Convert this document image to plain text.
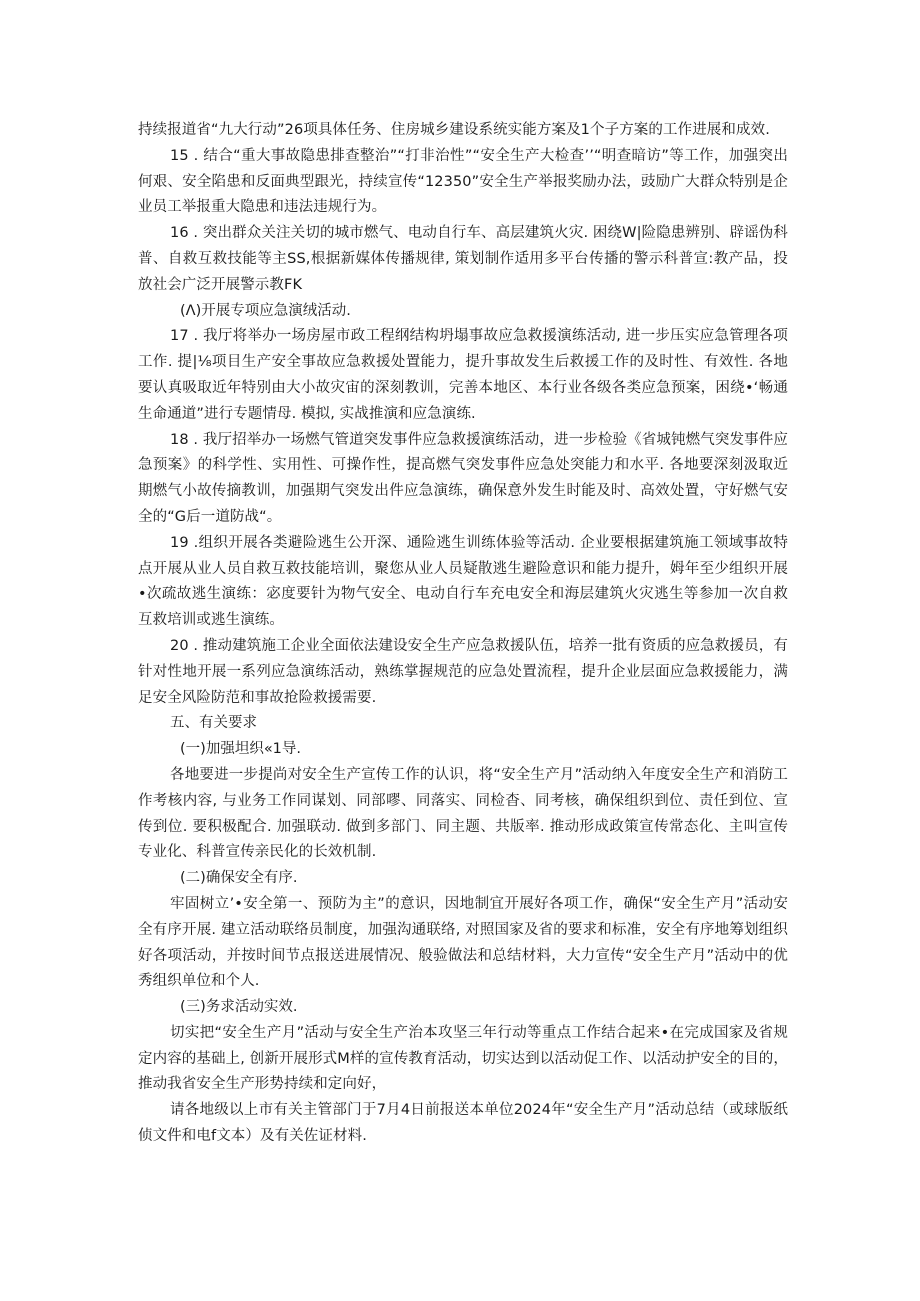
持续报道省“九大行动”26项具体任务、住房城乡建设系统实能方案及1个子方案的工作进展和成效.

15 . 结合“重大事故隐患排查整治”“打非治性”“安全生产大检查’’“明查暗访”等工作，加强突出何艰、安全陷患和反面典型跟光，持续宣传“12350”安全生产举报奖励办法，豉励广大群众特别是企业员工举报重大隐患和违法违规行为。

16 . 突出群众关注关切的城市燃气、电动自行车、高层建筑火灾. 困绕W|险隐患辨别、辟谣伪科普、自救互救技能等主SS,根据新媒体传播规律, 策划制作适用多平台传播的警示科普宣:教产品，投放社会广泛开展警示教FK

(Λ)开展专项应急演绒活动.

17 . 我厅将举办一场房屋市政工程纲结构坍塌事故应急救援演练活动, 进一步压实应急管理各项工作. 提|⅛项目生产安全事故应急救援处置能力，提升事故发生后救援工作的及时性、有效性. 各地要认真吸取近年特别由大小故灾宙的深刻教训，完善本地区、本行业各级各类应急预案，困绕•‘畅通生命通道”进行专题情母. 模拟, 实战推演和应急演练.

18 . 我厅招举办一场燃气管道突发事件应急救援演练活动，进一步检验《省城钝燃气突发事件应急预案》的科学性、实用性、可操作性，提高燃气突发事件应急处突能力和水平. 各地要深刻汲取近期燃气小故传摘教训，加强期气突发出件应急演练，确保意外发生时能及时、高效处置，守好燃气安全的“G后一道防战“。

19 .组织开展各类避险逃生公开深、通险逃生训练体验等活动. 企业要根据建筑施工领域事故特点开展从业人员自救互救技能培训，聚您从业人员疑散逃生避险意识和能力提升，姆年至少组织开展•次疏故逃生演练：宓度要针为物气安全、电动自行车充电安全和海层建筑火灾逃生等参加一次自救互救培训或逃生演练。

20 . 推动建筑施工企业全面依法建设安全生产应急救援队伍，培养一批有资质的应急救援员，有针对性地开展一系列应急演练活动，熟练掌握规范的应急处置流程，提升企业层面应急救援能力，满足安全风险防范和事故抢险救援需要.

五、有关要求

(一)加强坦织«1导.

各地要进一步提尚对安全生产宣传工作的认识，将“安全生产月”活动纳入年度安全生产和消防工作考核内容, 与业务工作同谋划、同部嘐、同落实、同检杳、同考核，确保组织到位、责任到位、宣传到位. 要积极配合. 加强联动. 做到多部门、同主题、共版率. 推动形成政策宣传常态化、主叫宣传专业化、科普宣传亲民化的长效机制.

(二)确保安全有序.

牢固树立’•安全第一、预防为主”的意识，因地制宜开展好各项工作，确保“安全生产月”活动安全有序开展. 建立活动联络员制度，加强沟通联络, 对照国家及省的要求和标准，安全有序地筹划组织好各项活动，并按时间节点报送进展情况、般验做法和总结材料，大力宣传“安全生产月”活动中的优秀组织单位和个人.

(三)务求活动实效.

切实把“安全生产月”活动与安全生产治本攻坚三年行动等重点工作结合起来•在完成国家及省规定内容的基础上, 创新开展形式M样的宣传教育活动，切实达到以活动促工作、以活动护安全的目的，推动我省安全生产形势持续和定向好，

请各地级以上市有关主管部门于7月4日前报送本单位2024年“安全生产月”活动总结（或球版纸侦文件和电f文本）及有关佐证材料.
